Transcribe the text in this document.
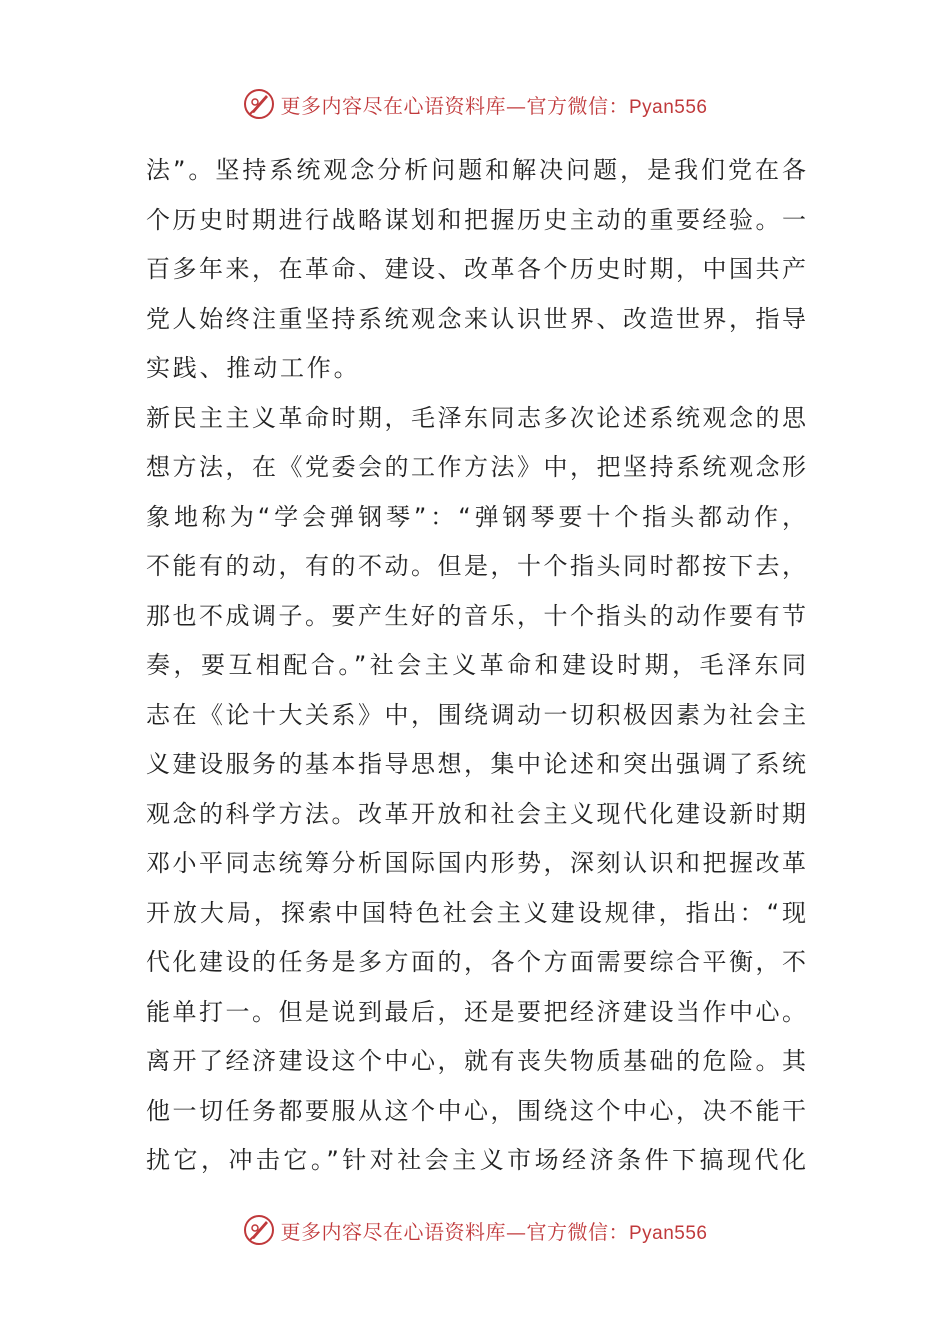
更多内容尽在心语资料库—官方微信：Pyan556
法”。坚持系统观念分析问题和解决问题，是我们党在各
个历史时期进行战略谋划和把握历史主动的重要经验。一
百多年来，在革命、建设、改革各个历史时期，中国共产
党人始终注重坚持系统观念来认识世界、改造世界，指导
实践、推动工作。
新民主主义革命时期，毛泽东同志多次论述系统观念的思
想方法，在《党委会的工作方法》中，把坚持系统观念形
象地称为“学会弹钢琴”：“弹钢琴要十个指头都动作，
不能有的动，有的不动。但是，十个指头同时都按下去，
那也不成调子。要产生好的音乐，十个指头的动作要有节
奏，要互相配合。”社会主义革命和建设时期，毛泽东同
志在《论十大关系》中，围绕调动一切积极因素为社会主
义建设服务的基本指导思想，集中论述和突出强调了系统
观念的科学方法。改革开放和社会主义现代化建设新时期
邓小平同志统筹分析国际国内形势，深刻认识和把握改革
开放大局，探索中国特色社会主义建设规律，指出：“现
代化建设的任务是多方面的，各个方面需要综合平衡，不
能单打一。但是说到最后，还是要把经济建设当作中心。
离开了经济建设这个中心，就有丧失物质基础的危险。其
他一切任务都要服从这个中心，围绕这个中心，决不能干
扰它，冲击它。”针对社会主义市场经济条件下搞现代化
更多内容尽在心语资料库—官方微信：Pyan556
